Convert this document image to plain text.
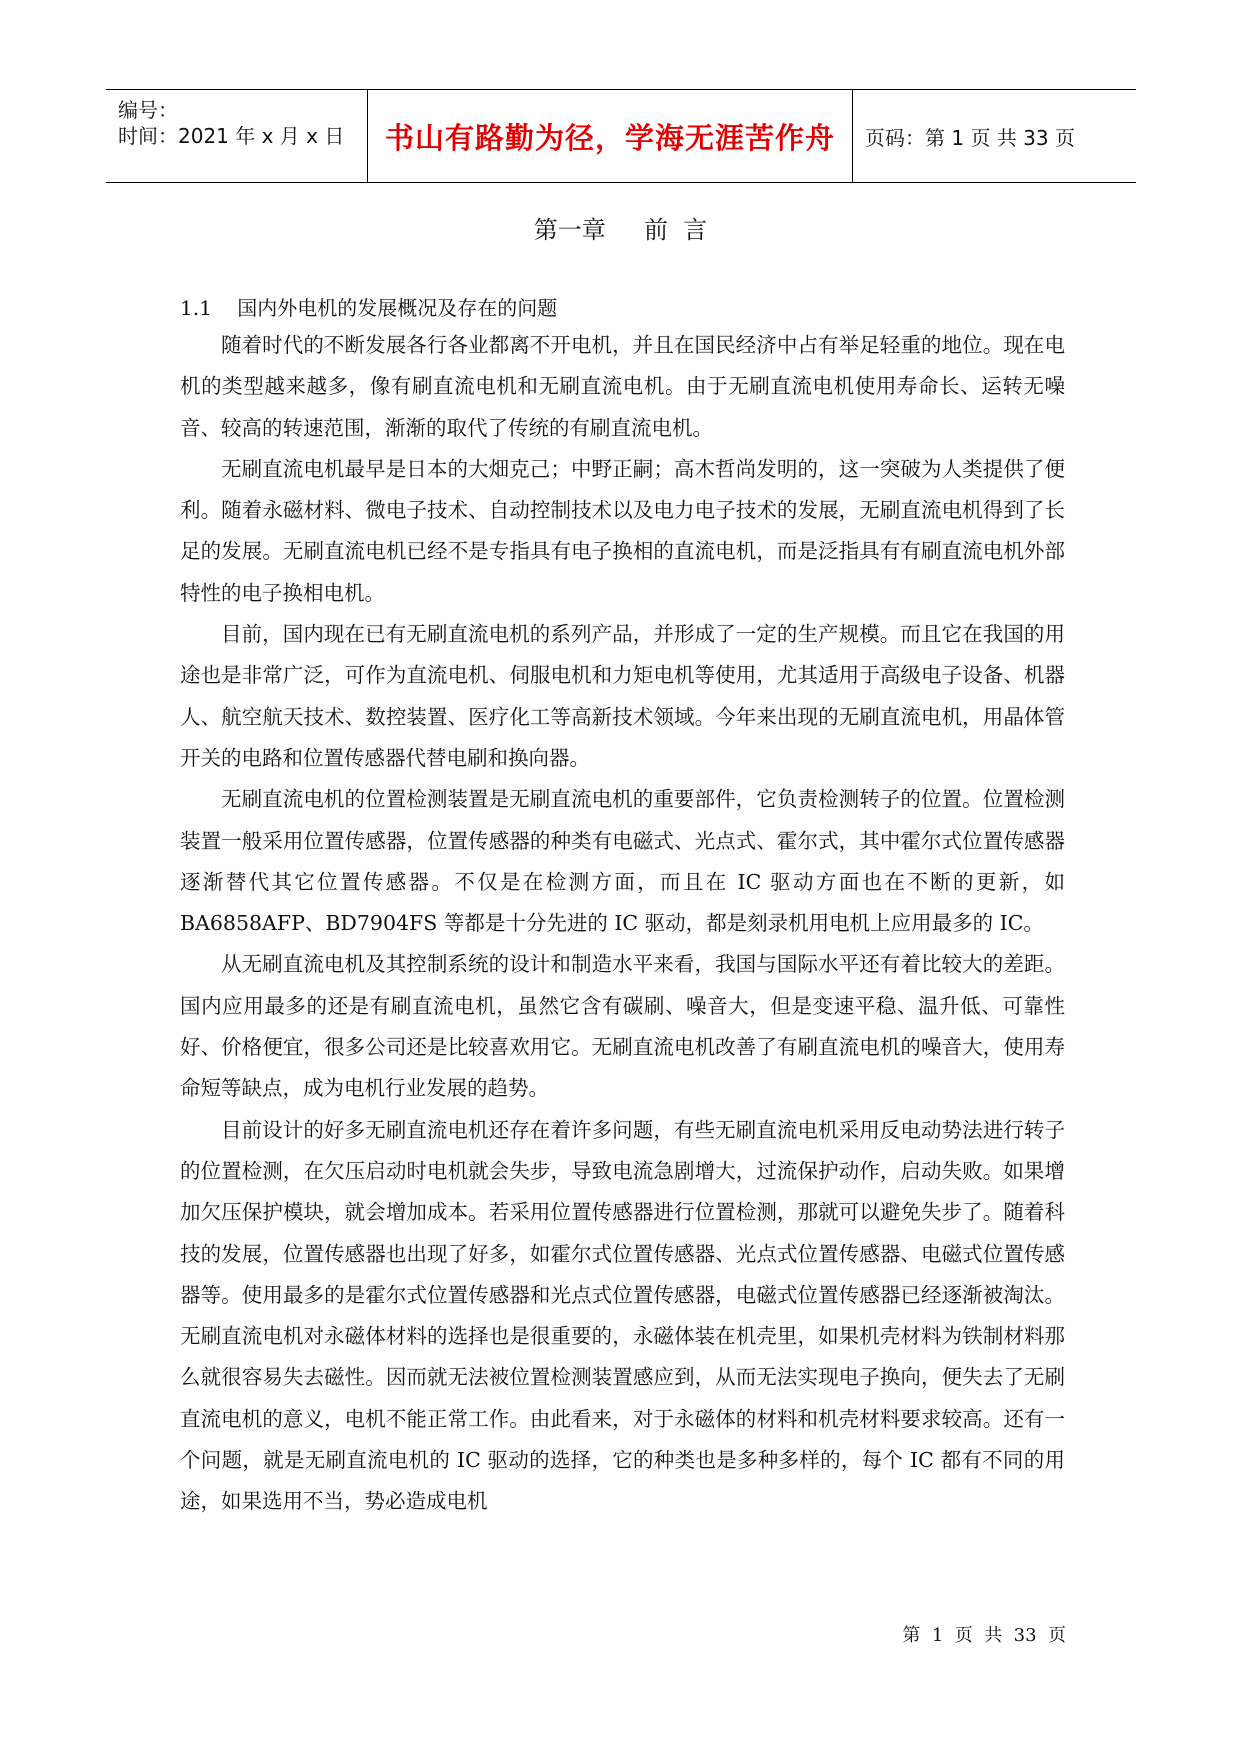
编号：
时间：2021 年 x 月 x 日 书山有路勤为径，学海无涯苦作舟 页码：第 1 页 共 33 页
第一章     前  言
1.1    国内外电机的发展概况及存在的问题

随着时代的不断发展各行各业都离不开电机，并且在国民经济中占有举足轻重的地位。现在电机的类型越来越多，像有刷直流电机和无刷直流电机。由于无刷直流电机使用寿命长、运转无噪音、较高的转速范围，渐渐的取代了传统的有刷直流电机。

无刷直流电机最早是日本的大畑克己；中野正嗣；高木哲尚发明的，这一突破为人类提供了便利。随着永磁材料、微电子技术、自动控制技术以及电力电子技术的发展，无刷直流电机得到了长足的发展。无刷直流电机已经不是专指具有电子换相的直流电机，而是泛指具有有刷直流电机外部特性的电子换相电机。

目前，国内现在已有无刷直流电机的系列产品，并形成了一定的生产规模。而且它在我国的用途也是非常广泛，可作为直流电机、伺服电机和力矩电机等使用，尤其适用于高级电子设备、机器人、航空航天技术、数控装置、医疗化工等高新技术领域。今年来出现的无刷直流电机，用晶体管开关的电路和位置传感器代替电刷和换向器。

无刷直流电机的位置检测装置是无刷直流电机的重要部件，它负责检测转子的位置。位置检测装置一般采用位置传感器，位置传感器的种类有电磁式、光点式、霍尔式，其中霍尔式位置传感器逐渐替代其它位置传感器。不仅是在检测方面，而且在 IC 驱动方面也在不断的更新，如 BA6858AFP、BD7904FS 等都是十分先进的 IC 驱动，都是刻录机用电机上应用最多的 IC。

从无刷直流电机及其控制系统的设计和制造水平来看，我国与国际水平还有着比较大的差距。国内应用最多的还是有刷直流电机，虽然它含有碳刷、噪音大，但是变速平稳、温升低、可靠性好、价格便宜，很多公司还是比较喜欢用它。无刷直流电机改善了有刷直流电机的噪音大，使用寿命短等缺点，成为电机行业发展的趋势。

目前设计的好多无刷直流电机还存在着许多问题，有些无刷直流电机采用反电动势法进行转子的位置检测，在欠压启动时电机就会失步，导致电流急剧增大，过流保护动作，启动失败。如果增加欠压保护模块，就会增加成本。若采用位置传感器进行位置检测，那就可以避免失步了。随着科技的发展，位置传感器也出现了好多，如霍尔式位置传感器、光点式位置传感器、电磁式位置传感器等。使用最多的是霍尔式位置传感器和光点式位置传感器，电磁式位置传感器已经逐渐被淘汰。无刷直流电机对永磁体材料的选择也是很重要的，永磁体装在机壳里，如果机壳材料为铁制材料那么就很容易失去磁性。因而就无法被位置检测装置感应到，从而无法实现电子换向，便失去了无刷直流电机的意义，电机不能正常工作。由此看来，对于永磁体的材料和机壳材料要求较高。还有一个问题，就是无刷直流电机的 IC 驱动的选择，它的种类也是多种多样的，每个 IC 都有不同的用途，如果选用不当，势必造成电机

第  1  页  共  33  页
